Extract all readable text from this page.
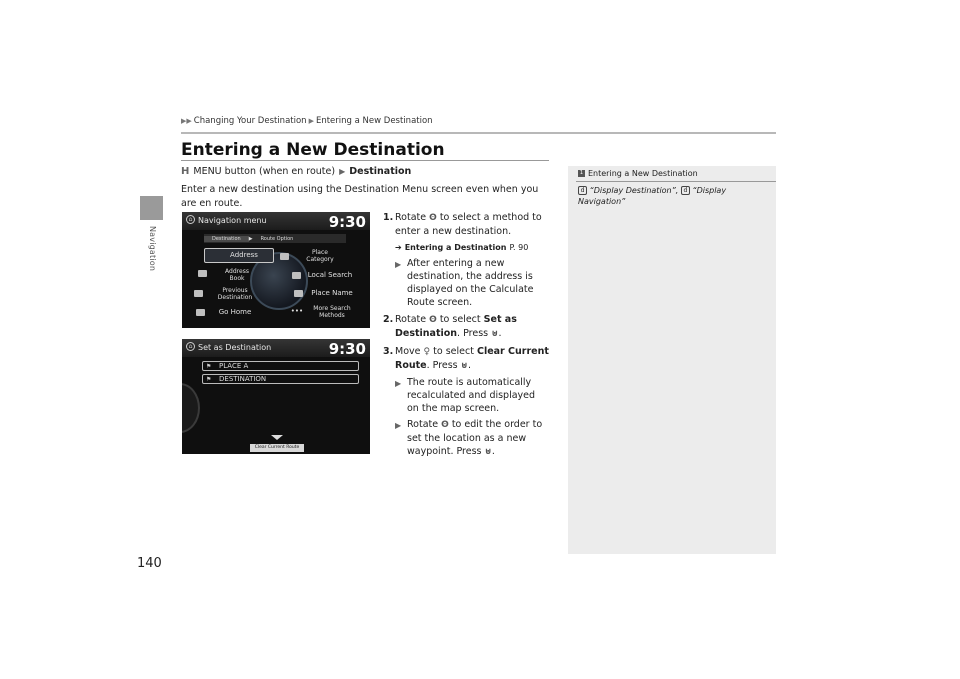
Navigation
▶▶ Changing Your Destination ▶ Entering a New Destination
Entering a New Destination
H MENU button (when en route) ▶ Destination
Enter a new destination using the Destination Menu screen even when you are en route.
⌂ Navigation menu	9:30
Destination	▶	Route Option
Address	Place Category
Address Book	Local Search
Previous Destination
Place Name
Go Home	•••	More Search Methods
⌂ Set as Destination	9:30
⚑ PLACE A
⚑ DESTINATION
Clear Current Route
1. Rotate ʘ to select a method to enter a new destination.
➔ Entering a Destination P. 90
▶ After entering a new destination, the address is displayed on the Calculate Route screen.
2. Rotate ʘ to select Set as Destination. Press ⊍.
3. Move ♀ to select Clear Current Route. Press ⊍.
▶ The route is automatically recalculated and displayed on the map screen.
▶ Rotate ʘ to edit the order to set the location as a new waypoint. Press ⊍.
1 Entering a New Destination
d “Display Destination”, d “Display Navigation”
140
